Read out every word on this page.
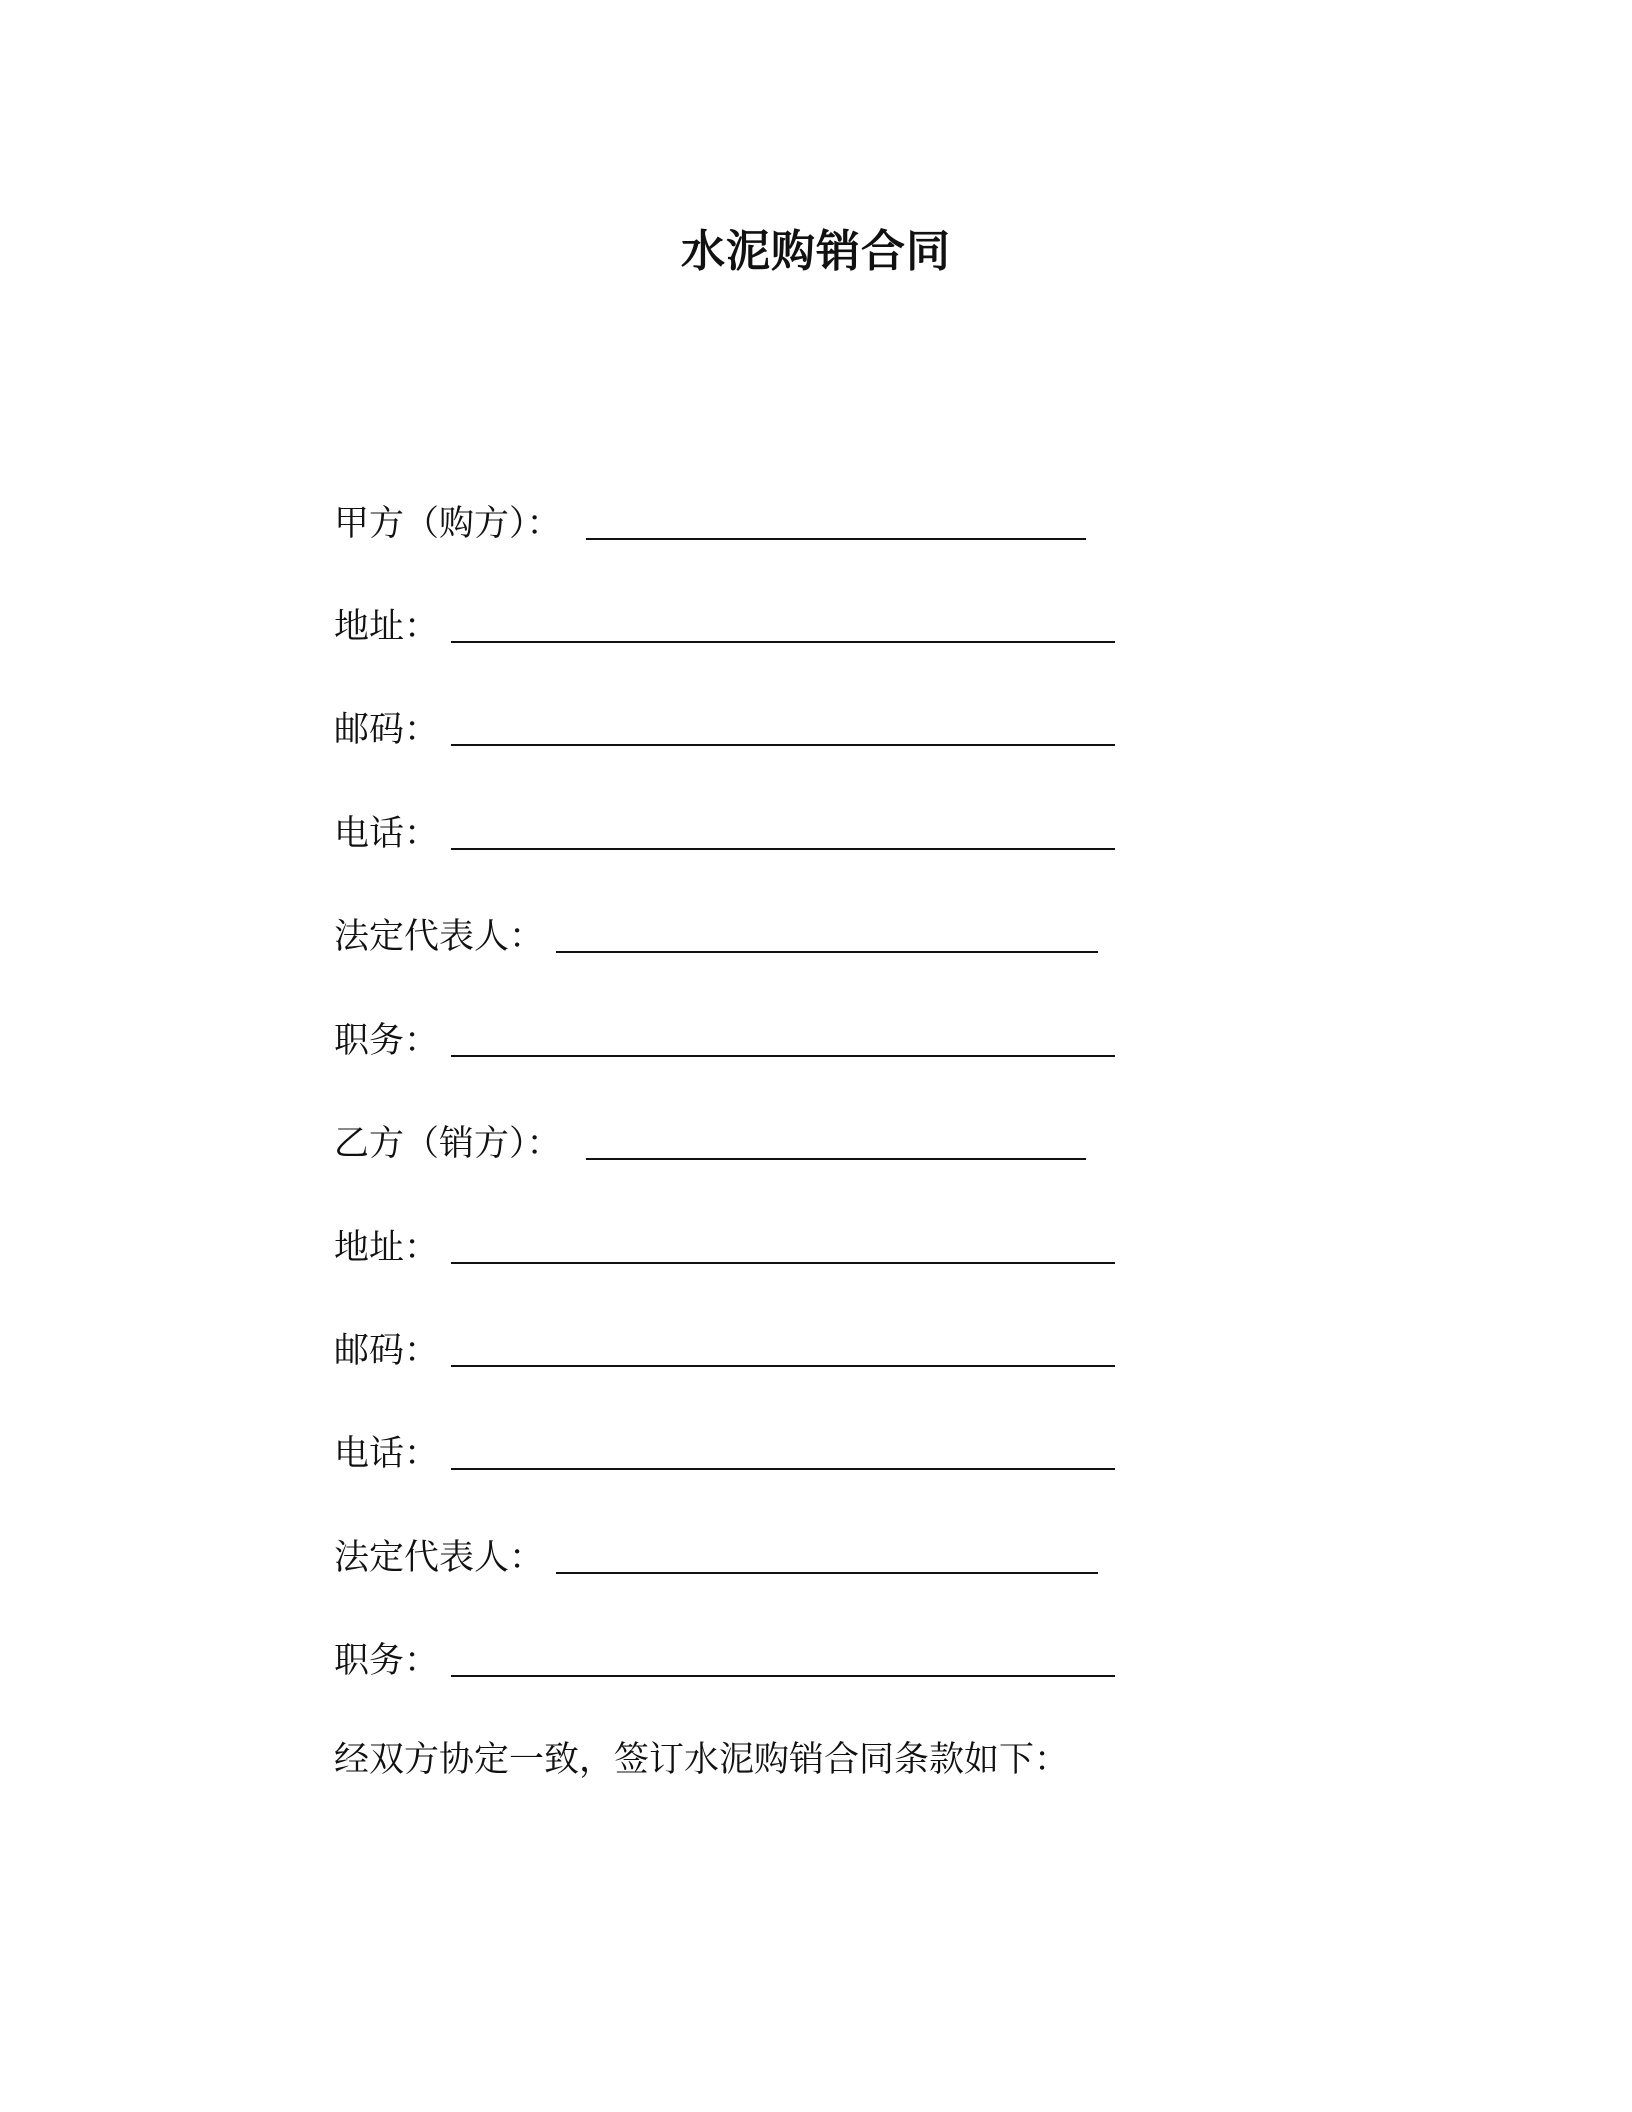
水泥购销合同
甲方（购方）：
地址：
邮码：
电话：
法定代表人：
职务：
乙方（销方）：
地址：
邮码：
电话：
法定代表人：
职务：
经双方协定一致，签订水泥购销合同条款如下：
